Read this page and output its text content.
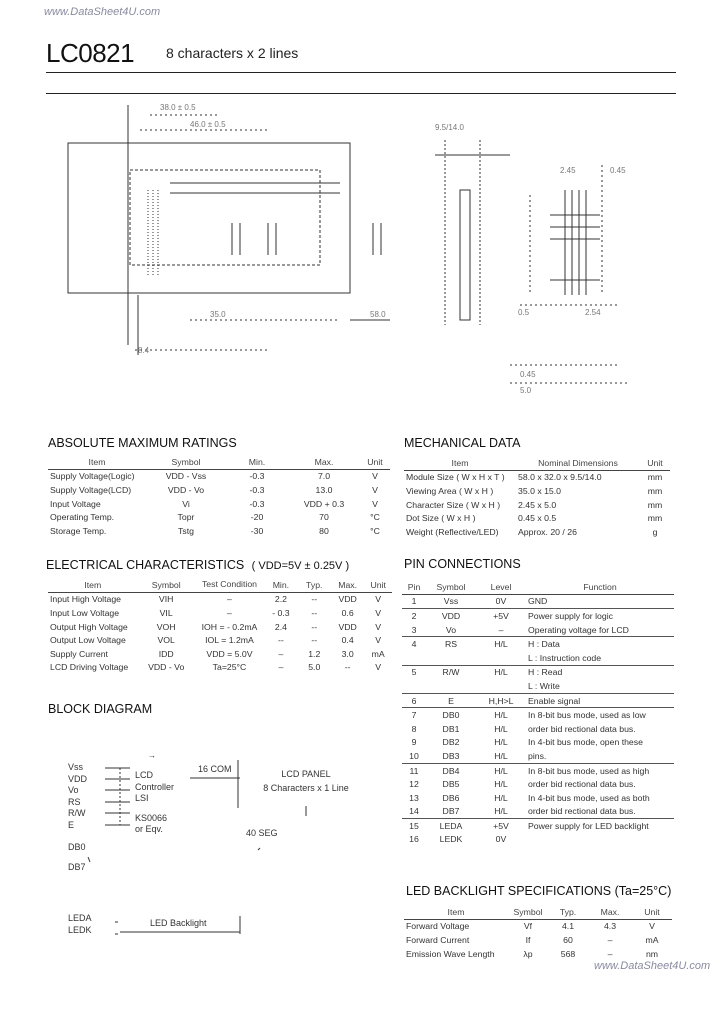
www.DataSheet4U.com
LC0821 8 characters x 2 lines
38.0 ± 0.5
46.0 ± 0.5
35.0	58.0
9.5/14.0
2.45	0.45
0.5	2.54
8.4
0.45
5.0
ABSOLUTE MAXIMUM RATINGS
Item	Symbol	Min.	Max.	Unit
Supply Voltage(Logic)	VDD - Vss	-0.3	7.0	V
Supply Voltage(LCD)	VDD - Vo	-0.3	13.0	V
Input Voltage	Vi	-0.3	VDD + 0.3	V
Operating Temp.	Topr	-20	70	°C
Storage Temp.	Tstg	-30	80	°C
MECHANICAL DATA
Item	Nominal Dimensions	Unit
Module Size ( W x H x T )	58.0 x 32.0 x 9.5/14.0	mm
Viewing Area ( W x H )	35.0 x 15.0	mm
Character Size ( W x H )	2.45 x 5.0	mm
Dot Size ( W x H )	0.45 x 0.5	mm
Weight (Reflective/LED)	Approx. 20 / 26	g
ELECTRICAL CHARACTERISTICS ( VDD=5V ± 0.25V )
Item	Symbol	Test Condition	Min.	Typ.	Max.	Unit
Input High Voltage	VIH	–	2.2	--	VDD	V
Input Low Voltage	VIL	–	- 0.3	--	0.6	V
Output High Voltage	VOH	IOH = - 0.2mA	2.4	--	VDD	V
Output Low Voltage	VOL	IOL = 1.2mA	--	--	0.4	V
Supply Current	IDD	VDD = 5.0V	–	1.2	3.0	mA
LCD Driving Voltage	VDD - Vo	Ta=25°C	–	5.0	--	V
PIN CONNECTIONS
Pin	Symbol	Level	Function
1	Vss	0V	GND
2	VDD	+5V	Power supply for logic
3	Vo	–	Operating voltage for LCD
4	RS	H/L	H : Data
			L : Instruction code
5	R/W	H/L	H : Read
			L : Write
6	E	H,H>L	Enable signal
7	DB0	H/L	In 8-bit bus mode, used as low
8	DB1	H/L	order bid rectional data bus.
9	DB2	H/L	In 4-bit bus mode, open these
10	DB3	H/L	pins.
11	DB4	H/L	In 8-bit bus mode, used as high
12	DB5	H/L	order bid rectional data bus.
13	DB6	H/L	In 4-bit bus mode, used as both
14	DB7	H/L	order bid rectional data bus.
15	LEDA	+5V	Power supply for LED backlight
16	LEDK	0V	
BLOCK DIAGRAM
Vss
VDD
Vo
RS
R/W
E
DB0
DB7
LCD
Controller
LSI
KS0066
or Eqv.
16 COM
40 SEG
LCD PANEL
8 Characters x 1 Line
LEDA
LEDK
LED Backlight
→
LED BACKLIGHT SPECIFICATIONS (Ta=25°C)
Item	Symbol	Typ.	Max.	Unit
Forward Voltage	Vf	4.1	4.3	V
Forward Current	If	60	–	mA
Emission Wave Length	λp	568	–	nm
www.DataSheet4U.com
